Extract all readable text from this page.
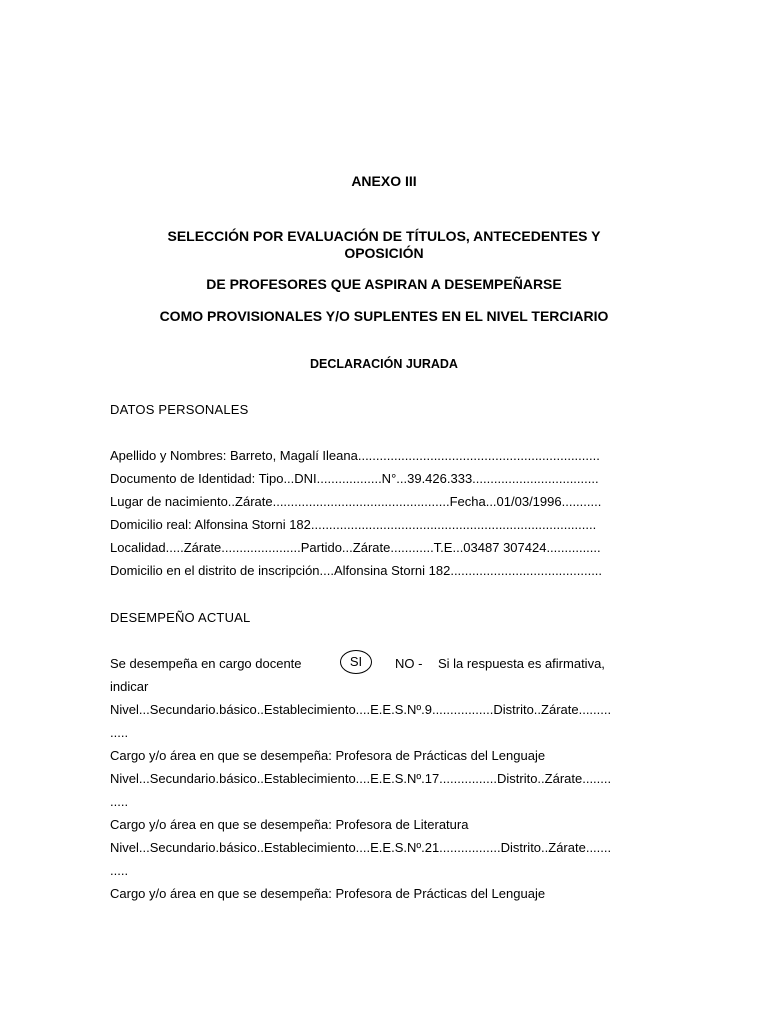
ANEXO III
SELECCIÓN POR EVALUACIÓN DE TÍTULOS, ANTECEDENTES Y
OPOSICIÓN
DE PROFESORES QUE ASPIRAN A DESEMPEÑARSE
COMO PROVISIONALES Y/O SUPLENTES EN EL NIVEL TERCIARIO
DECLARACIÓN JURADA
DATOS PERSONALES
Apellido y Nombres: Barreto, Magalí Ileana...................................................................
Documento de Identidad: Tipo...DNI..................N°...39.426.333...................................
Lugar de nacimiento..Zárate.................................................Fecha...01/03/1996...........
Domicilio real: Alfonsina Storni 182...............................................................................
Localidad.....Zárate......................Partido...Zárate............T.E...03487 307424...............
Domicilio en el distrito de inscripción....Alfonsina Storni 182..........................................
DESEMPEÑO ACTUAL
Se desempeña en cargo docente	SI	NO - Si la respuesta es afirmativa,
indicar
Nivel...Secundario.básico..Establecimiento....E.E.S.Nº.9.................Distrito..Zárate.........
.....
Cargo y/o área en que se desempeña: Profesora de Prácticas del Lenguaje
Nivel...Secundario.básico..Establecimiento....E.E.S.Nº.17................Distrito..Zárate........
.....
Cargo y/o área en que se desempeña: Profesora de Literatura
Nivel...Secundario.básico..Establecimiento....E.E.S.Nº.21.................Distrito..Zárate.......
.....
Cargo y/o área en que se desempeña: Profesora de Prácticas del Lenguaje
